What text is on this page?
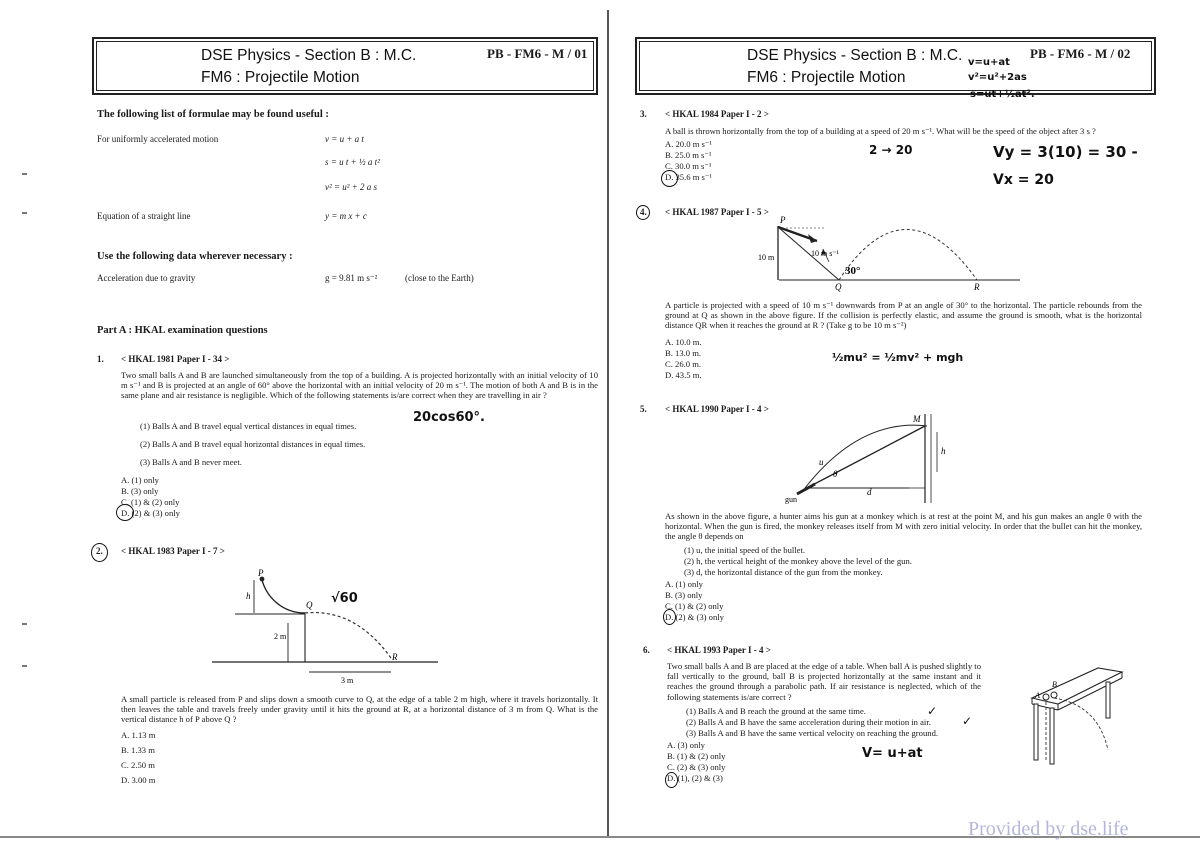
DSE Physics - Section B : M.C.
FM6 : Projectile Motion
PB - FM6 - M / 01
The following list of formulae may be found useful :
For uniformly accelerated motion	v = u + a t
s = u t + ½ a t²
v² = u² + 2 a s
Equation of a straight line	y = m x + c
Use the following data wherever necessary :
Acceleration due to gravity	g = 9.81 m s⁻²	(close to the Earth)
Part A : HKAL examination questions
1. < HKAL 1981 Paper I - 34 >
Two small balls A and B are launched simultaneously from the top of a building. A is projected horizontally with an initial velocity of 10 m s⁻¹ and B is projected at an angle of 60° above the horizontal with an initial velocity of 20 m s⁻¹. The motion of both A and B is in the same plane and air resistance is negligible. Which of the following statements is/are correct when they are travelling in air ?
(1) Balls A and B travel equal vertical distances in equal times.
(2) Balls A and B travel equal horizontal distances in equal times.
(3) Balls A and B never meet.
A. (1) only
B. (3) only
C. (1) & (2) only
D. (2) & (3) only
20cos60°.
2. < HKAL 1983 Paper I - 7 >
P
Q
R
h
2 m
3 m
√60
A small particle is released from P and slips down a smooth curve to Q, at the edge of a table 2 m high, where it travels horizontally. It then leaves the table and travels freely under gravity until it hits the ground at R, at a horizontal distance of 3 m from Q. What is the vertical distance h of P above Q ?
A. 1.13 m
B. 1.33 m
C. 2.50 m
D. 3.00 m
DSE Physics - Section B : M.C.
FM6 : Projectile Motion
PB - FM6 - M / 02
v=u+at
v²=u²+2as
s=ut+½at².
3. < HKAL 1984 Paper I - 2 >
A ball is thrown horizontally from the top of a building at a speed of 20 m s⁻¹. What will be the speed of the object after 3 s ?
A. 20.0 m s⁻¹
B. 25.0 m s⁻¹
C. 30.0 m s⁻¹
D. 35.6 m s⁻¹
2 → 20	Vy = 3(10) = 30 -
Vx = 20
4. < HKAL 1987 Paper I - 5 >
P
Q	R
10 m	10 m s⁻¹
30°
A particle is projected with a speed of 10 m s⁻¹ downwards from P at an angle of 30° to the horizontal. The particle rebounds from the ground at Q as shown in the above figure. If the collision is perfectly elastic, and assume the ground is smooth, what is the horizontal distance QR when it reaches the ground at R ? (Take g to be 10 m s⁻²)
A. 10.0 m.
B. 13.0 m.
C. 26.0 m.
D. 43.5 m.
½mu² = ½mv² + mgh
5. < HKAL 1990 Paper I - 4 >
M
h
u
θ
d
gun
As shown in the above figure, a hunter aims his gun at a monkey which is at rest at the point M, and his gun makes an angle θ with the horizontal. When the gun is fired, the monkey releases itself from M with zero initial velocity. In order that the bullet can hit the monkey, the angle θ depends on
(1) u, the initial speed of the bullet.
(2) h, the vertical height of the monkey above the level of the gun.
(3) d, the horizontal distance of the gun from the monkey.
A. (1) only
B. (3) only
C. (1) & (2) only
D. (2) & (3) only
6. < HKAL 1993 Paper I - 4 >
Two small balls A and B are placed at the edge of a table. When ball A is pushed slightly to fall vertically to the ground, ball B is projected horizontally at the same instant and it reaches the ground through a parabolic path. If air resistance is neglected, which of the following statements is/are correct ?
(1) Balls A and B reach the ground at the same time.
(2) Balls A and B have the same acceleration during their motion in air.
(3) Balls A and B have the same vertical velocity on reaching the ground.
A. (3) only
B. (1) & (2) only
C. (2) & (3) only
D. (1), (2) & (3)
✓
✓
V= u+at
A
B
Provided by dse.life
